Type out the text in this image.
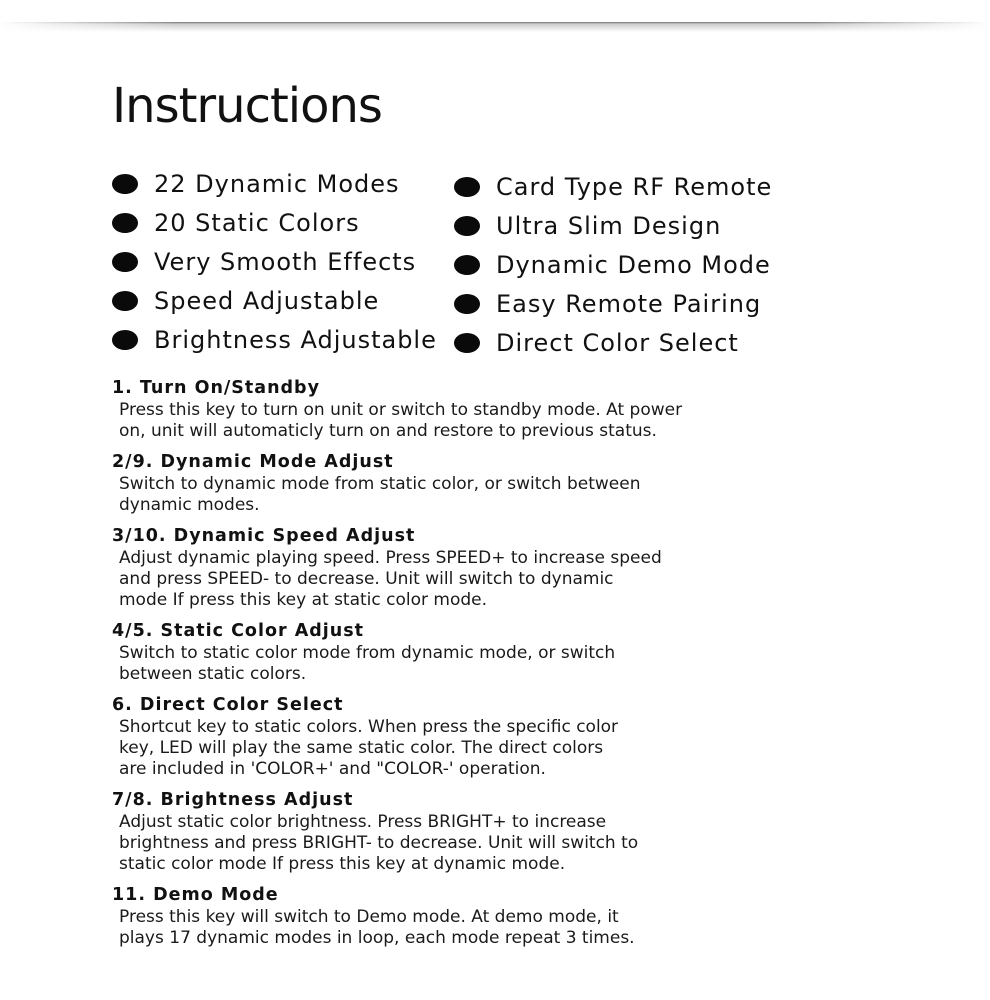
Instructions
22 Dynamic Modes
20 Static Colors
Very Smooth Effects
Speed Adjustable
Brightness Adjustable
Card Type RF Remote
Ultra Slim Design
Dynamic Demo Mode
Easy Remote Pairing
Direct Color Select
1. Turn On/Standby
Press this key to turn on unit or switch to standby mode. At power
on, unit will automaticly turn on and restore to previous status.
2/9. Dynamic Mode Adjust
Switch to dynamic mode from static color, or switch between
dynamic modes.
3/10. Dynamic Speed Adjust
Adjust dynamic playing speed. Press SPEED+ to increase speed
and press SPEED- to decrease. Unit will switch to dynamic
mode If press this key at static color mode.
4/5. Static Color Adjust
Switch to static color mode from dynamic mode, or switch
between static colors.
6. Direct Color Select
Shortcut key to static colors. When press the specific color
key, LED will play the same static color. The direct colors
are included in 'COLOR+' and "COLOR-' operation.
7/8. Brightness Adjust
Adjust static color brightness. Press BRIGHT+ to increase
brightness and press BRIGHT- to decrease. Unit will switch to
static color mode If press this key at dynamic mode.
11. Demo Mode
Press this key will switch to Demo mode. At demo mode, it
plays 17 dynamic modes in loop, each mode repeat 3 times.
